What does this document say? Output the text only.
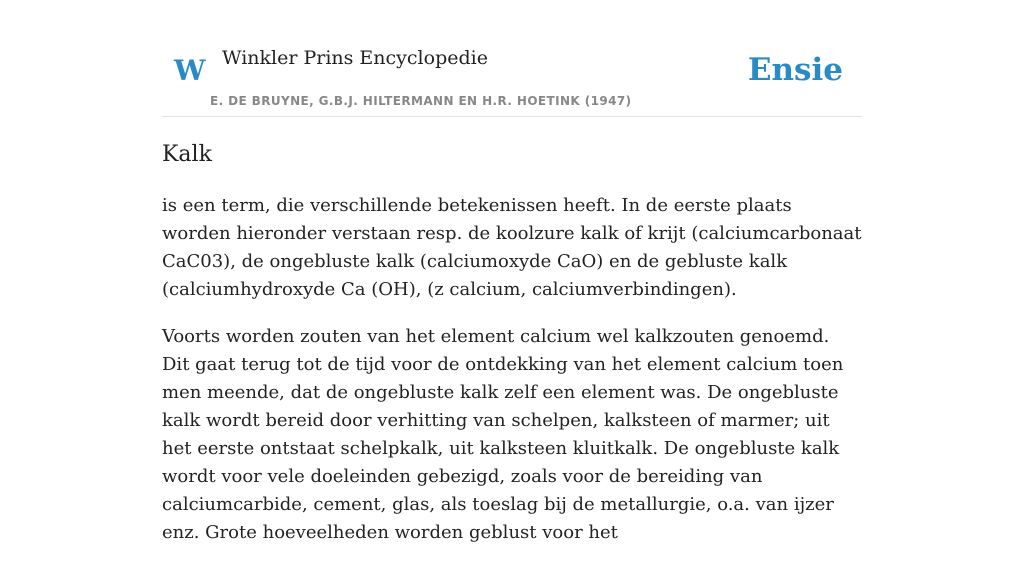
W Winkler Prins Encyclopedie
E. DE BRUYNE, G.B.J. HILTERMANN EN H.R. HOETINK (1947)
Ensie
Kalk

is een term, die verschillende betekenissen heeft. In de eerste plaats worden hieronder verstaan resp. de koolzure kalk of krijt (calciumcarbonaat CaC03), de ongebluste kalk (calciumoxyde CaO) en de gebluste kalk (calciumhydroxyde Ca (OH), (z calcium, calciumverbindingen).

Voorts worden zouten van het element calcium wel kalkzouten genoemd. Dit gaat terug tot de tijd voor de ontdekking van het element calcium toen men meende, dat de ongebluste kalk zelf een element was. De ongebluste kalk wordt bereid door verhitting van schelpen, kalksteen of marmer; uit het eerste ontstaat schelpkalk, uit kalksteen kluitkalk. De ongebluste kalk wordt voor vele doeleinden gebezigd, zoals voor de bereiding van calciumcarbide, cement, glas, als toeslag bij de metallurgie, o.a. van ijzer enz. Grote hoeveelheden worden geblust voor het
